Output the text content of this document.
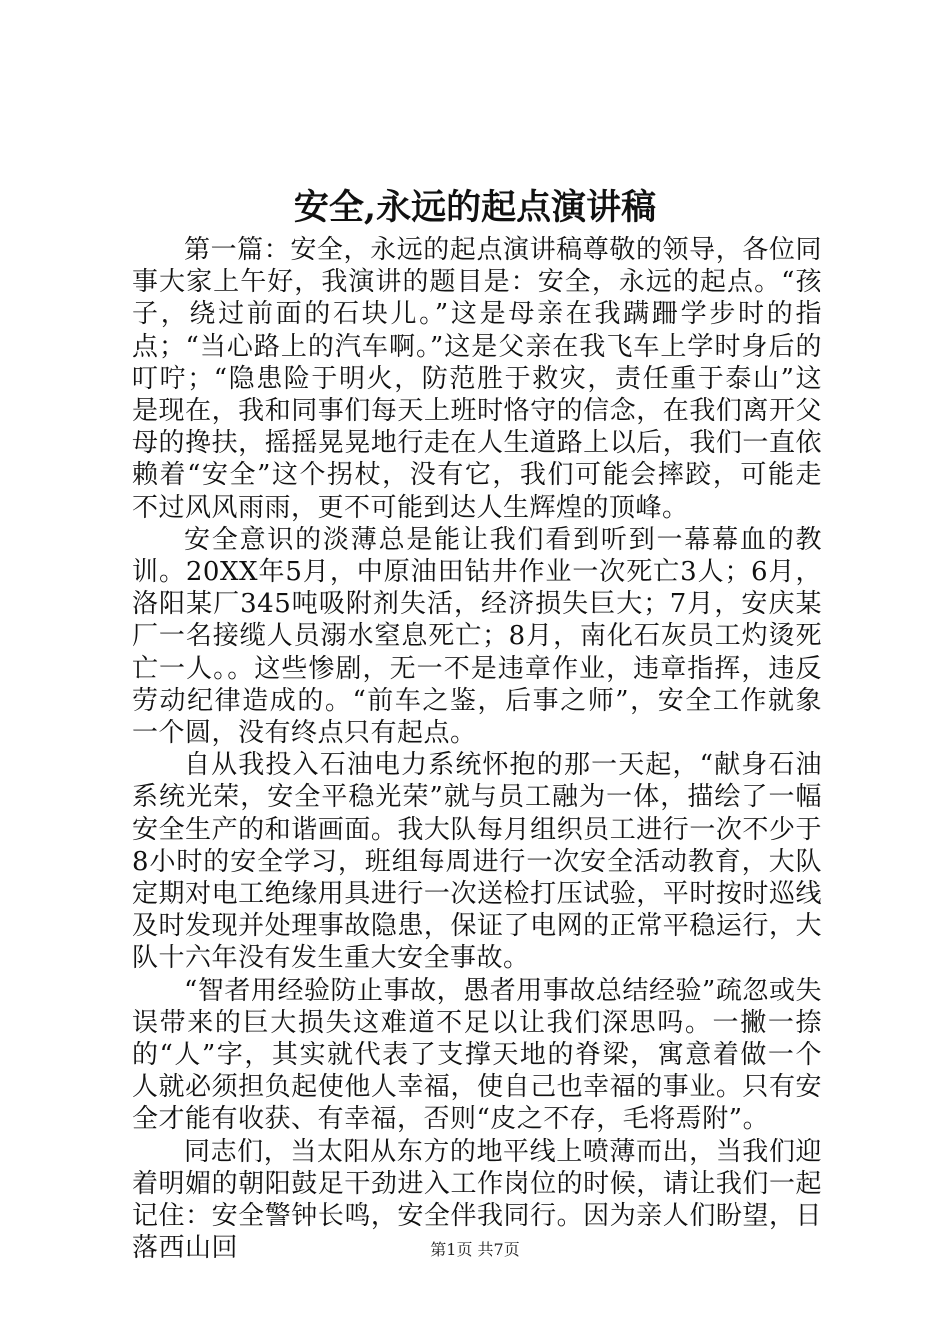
安全,永远的起点演讲稿

第一篇：安全，永远的起点演讲稿尊敬的领导，各位同事大家上午好，我演讲的题目是：安全，永远的起点。“孩子，绕过前面的石块儿。”这是母亲在我蹒跚学步时的指点；“当心路上的汽车啊。”这是父亲在我飞车上学时身后的叮咛；“隐患险于明火，防范胜于救灾，责任重于泰山”这是现在，我和同事们每天上班时恪守的信念，在我们离开父母的搀扶，摇摇晃晃地行走在人生道路上以后，我们一直依赖着“安全”这个拐杖，没有它，我们可能会摔跤，可能走不过风风雨雨，更不可能到达人生辉煌的顶峰。

安全意识的淡薄总是能让我们看到听到一幕幕血的教训。20XX年5月，中原油田钻井作业一次死亡3人；6月，洛阳某厂345吨吸附剂失活，经济损失巨大；7月，安庆某厂一名接缆人员溺水窒息死亡；8月，南化石灰员工灼烫死亡一人。。这些惨剧，无一不是违章作业，违章指挥，违反劳动纪律造成的。“前车之鉴，后事之师”，安全工作就象一个圆，没有终点只有起点。

自从我投入石油电力系统怀抱的那一天起，“献身石油系统光荣，安全平稳光荣”就与员工融为一体，描绘了一幅安全生产的和谐画面。我大队每月组织员工进行一次不少于8小时的安全学习，班组每周进行一次安全活动教育，大队定期对电工绝缘用具进行一次送检打压试验，平时按时巡线及时发现并处理事故隐患，保证了电网的正常平稳运行，大队十六年没有发生重大安全事故。

“智者用经验防止事故，愚者用事故总结经验”疏忽或失误带来的巨大损失这难道不足以让我们深思吗。一撇一捺的“人”字，其实就代表了支撑天地的脊梁，寓意着做一个人就必须担负起使他人幸福，使自己也幸福的事业。只有安全才能有收获、有幸福，否则“皮之不存，毛将焉附”。

同志们，当太阳从东方的地平线上喷薄而出，当我们迎着明媚的朝阳鼓足干劲进入工作岗位的时候，请让我们一起记住：安全警钟长鸣，安全伴我同行。因为亲人们盼望，日落西山回	第1页 共7页
